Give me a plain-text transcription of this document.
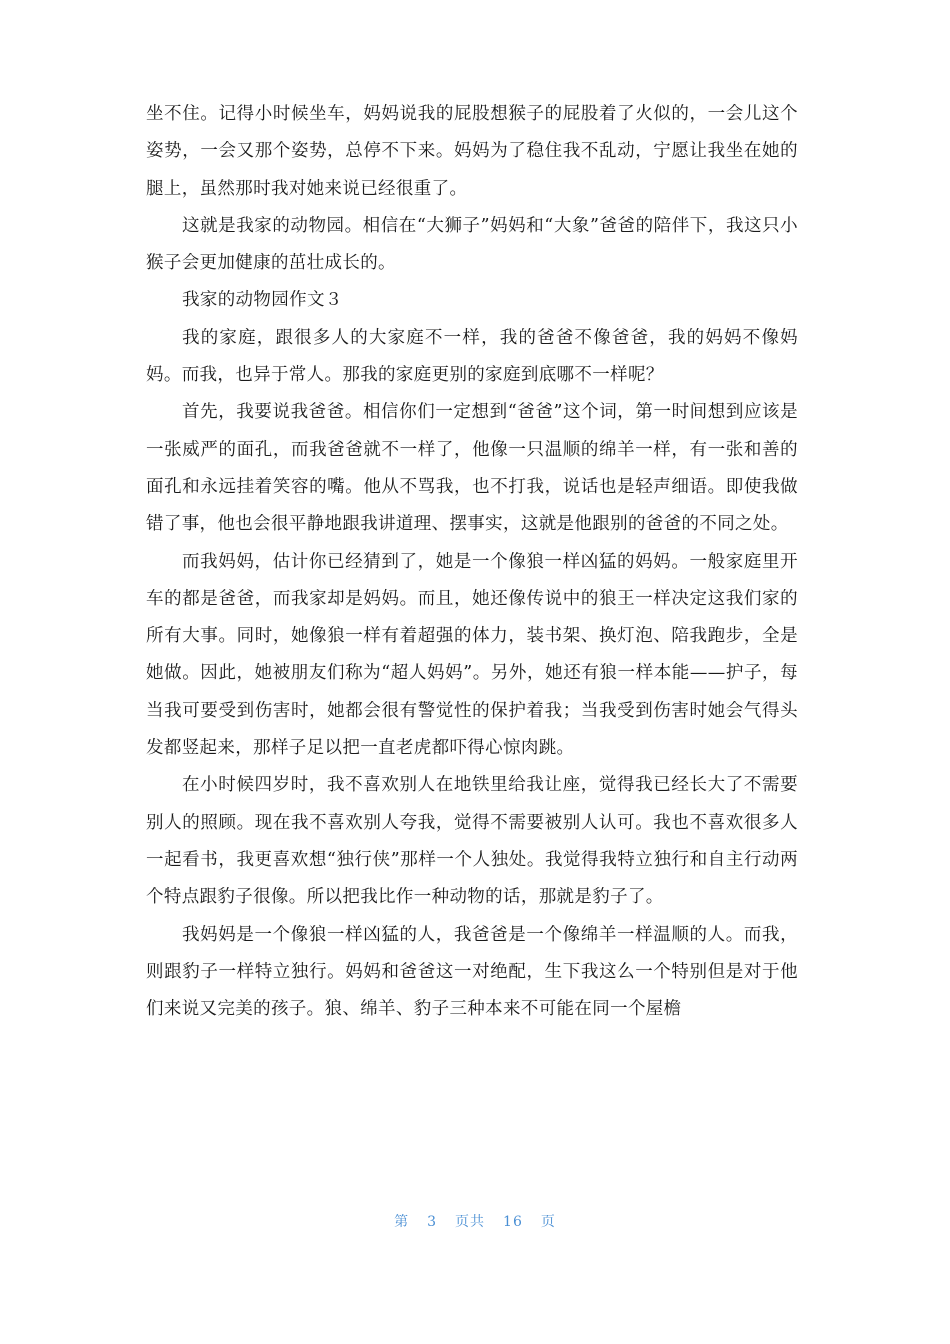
坐不住。记得小时候坐车，妈妈说我的屁股想猴子的屁股着了火似的，一会儿这个姿势，一会又那个姿势，总停不下来。妈妈为了稳住我不乱动，宁愿让我坐在她的腿上，虽然那时我对她来说已经很重了。

这就是我家的动物园。相信在“大狮子”妈妈和“大象”爸爸的陪伴下，我这只小猴子会更加健康的茁壮成长的。

我家的动物园作文３

我的家庭，跟很多人的大家庭不一样，我的爸爸不像爸爸，我的妈妈不像妈妈。而我，也异于常人。那我的家庭更别的家庭到底哪不一样呢？

首先，我要说我爸爸。相信你们一定想到“爸爸”这个词，第一时间想到应该是一张威严的面孔，而我爸爸就不一样了，他像一只温顺的绵羊一样，有一张和善的面孔和永远挂着笑容的嘴。他从不骂我，也不打我，说话也是轻声细语。即使我做错了事，他也会很平静地跟我讲道理、摆事实，这就是他跟别的爸爸的不同之处。

而我妈妈，估计你已经猜到了，她是一个像狼一样凶猛的妈妈。一般家庭里开车的都是爸爸，而我家却是妈妈。而且，她还像传说中的狼王一样决定这我们家的所有大事。同时，她像狼一样有着超强的体力，装书架、换灯泡、陪我跑步，全是她做。因此，她被朋友们称为“超人妈妈”。另外，她还有狼一样本能——护子，每当我可要受到伤害时，她都会很有警觉性的保护着我；当我受到伤害时她会气得头发都竖起来，那样子足以把一直老虎都吓得心惊肉跳。

在小时候四岁时，我不喜欢别人在地铁里给我让座，觉得我已经长大了不需要别人的照顾。现在我不喜欢别人夸我，觉得不需要被别人认可。我也不喜欢很多人一起看书，我更喜欢想“独行侠”那样一个人独处。我觉得我特立独行和自主行动两个特点跟豹子很像。所以把我比作一种动物的话，那就是豹子了。

我妈妈是一个像狼一样凶猛的人，我爸爸是一个像绵羊一样温顺的人。而我，则跟豹子一样特立独行。妈妈和爸爸这一对绝配，生下我这么一个特别但是对于他们来说又完美的孩子。狼、绵羊、豹子三种本来不可能在同一个屋檐

第 3 页共 16 页
